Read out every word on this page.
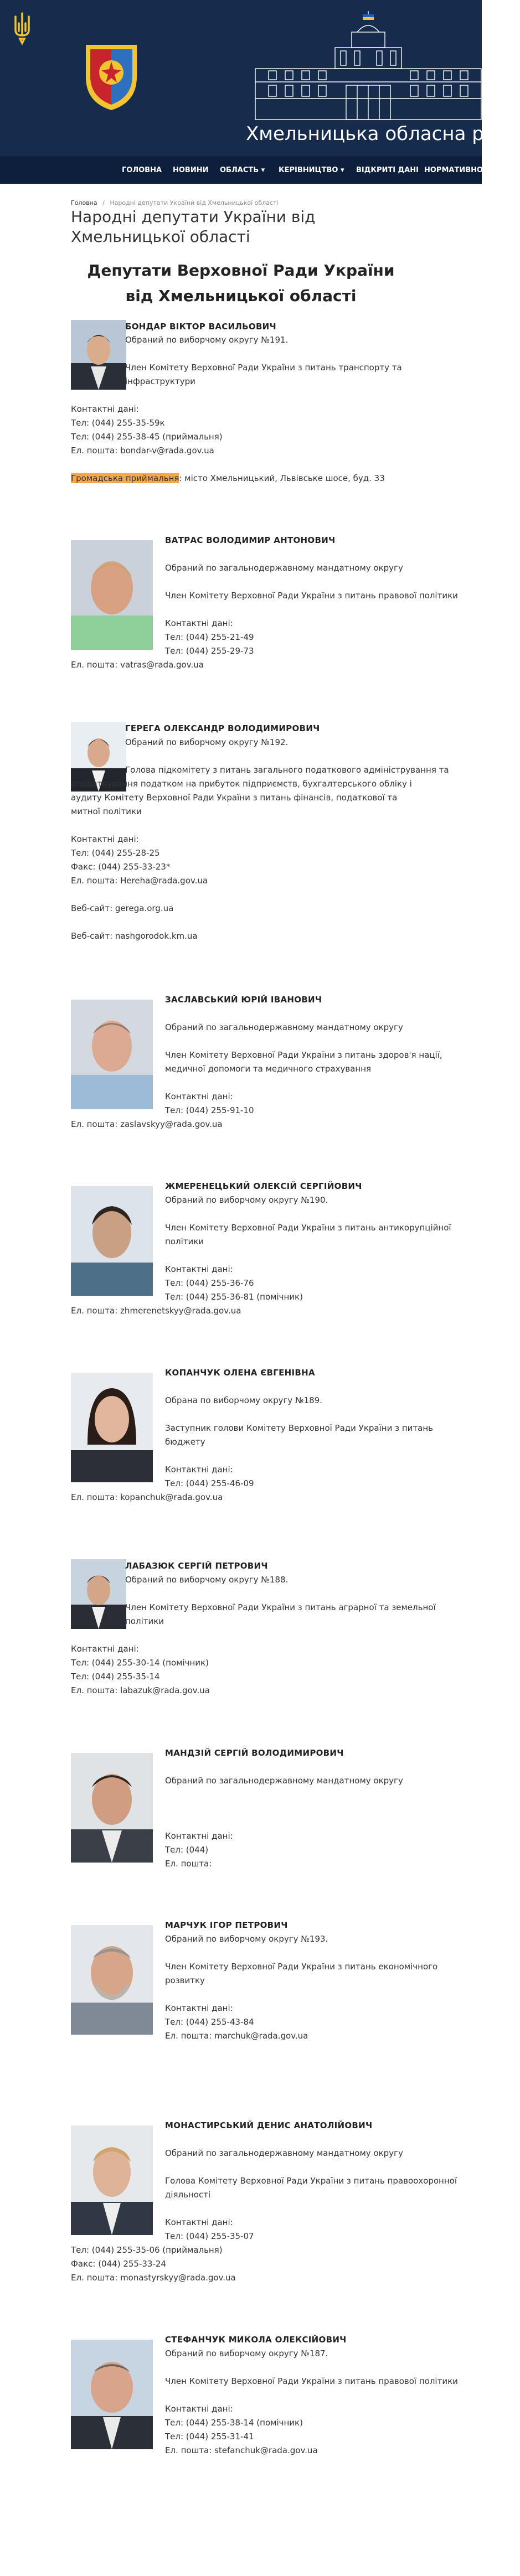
Хмельницька обласна рада
ГОЛОВНА НОВИНИ ОБЛАСТЬ ▾ КЕРІВНИЦТВО ▾ ВІДКРИТІ ДАНІ НОРМАТИВНО-П
Головна / Народні депутати України від Хмельницької області
Народні депутати України від Хмельницької області
Депутати Верховної Ради України від Хмельницької області
БОНДАР ВІКТОР ВАСИЛЬОВИЧ
Обраний по виборчому округу №191.
Член Комітету Верховної Ради України з питань транспорту та
інфраструктури
Контактні дані:
Тел: (044) 255-35-59к
Тел: (044) 255-38-45 (приймальня)
Ел. пошта: bondar-v@rada.gov.ua
Громадська приймальня: місто Хмельницький, Львівське шосе, буд. 33
ВАТРАС ВОЛОДИМИР АНТОНОВИЧ
Обраний по загальнодержавному мандатному округу
Член Комітету Верховної Ради України з питань правової політики
Контактні дані:
Тел: (044) 255-21-49
Тел: (044) 255-29-73
Ел. пошта: vatras@rada.gov.ua
ГЕРЕГА ОЛЕКСАНДР ВОЛОДИМИРОВИЧ
Обраний по виборчому округу №192.
Голова підкомітету з питань загального податкового адміністрування та
оподаткування податком на прибуток підприємств, бухгалтерського обліку і
аудиту Комітету Верховної Ради України з питань фінансів, податкової та
митної політики
Контактні дані:
Тел: (044) 255-28-25
Факс: (044) 255-33-23*
Ел. пошта: Herehа@rada.gov.ua
Веб-сайт: gerega.org.ua
Веб-сайт: nashgorodok.km.ua
ЗАСЛАВСЬКИЙ ЮРІЙ ІВАНОВИЧ
Обраний по загальнодержавному мандатному округу
Член Комітету Верховної Ради України з питань здоров'я нації,
медичної допомоги та медичного страхування
Контактні дані:
Тел: (044) 255-91-10
Ел. пошта: zaslavskyy@rada.gov.ua
ЖМЕРЕНЕЦЬКИЙ ОЛЕКСІЙ СЕРГІЙОВИЧ
Обраний по виборчому округу №190.
Член Комітету Верховної Ради України з питань антикорупційної
політики
Контактні дані:
Тел: (044) 255-36-76
Тел: (044) 255-36-81 (помічник)
Ел. пошта: zhmerenetskyy@rada.gov.ua
КОПАНЧУК ОЛЕНА ЄВГЕНІВНА
Обрана по виборчому округу №189.
Заступник голови Комітету Верховної Ради України з питань
бюджету
Контактні дані:
Тел: (044) 255-46-09
Ел. пошта: kopanchuk@rada.gov.ua
ЛАБАЗЮК СЕРГІЙ ПЕТРОВИЧ
Обраний по виборчому округу №188.
Член Комітету Верховної Ради України з питань аграрної та земельної
політики
Контактні дані:
Тел: (044) 255-30-14 (помічник)
Тел: (044) 255-35-14
Ел. пошта: labazuk@rada.gov.ua
МАНДЗІЙ СЕРГІЙ ВОЛОДИМИРОВИЧ
Обраний по загальнодержавному мандатному округу
Контактні дані:
Тел: (044)
Ел. пошта:
МАРЧУК ІГОР ПЕТРОВИЧ
Обраний по виборчому округу №193.
Член Комітету Верховної Ради України з питань економічного
розвитку
Контактні дані:
Тел: (044) 255-43-84
Ел. пошта: marchuk@rada.gov.ua
МОНАСТИРСЬКИЙ ДЕНИС АНАТОЛІЙОВИЧ
Обраний по загальнодержавному мандатному округу
Голова Комітету Верховної Ради України з питань правоохоронної
діяльності
Контактні дані:
Тел: (044) 255-35-07
Тел: (044) 255-35-06 (приймальня)
Факс: (044) 255-33-24
Ел. пошта: monastyrskyy@rada.gov.ua
СТЕФАНЧУК МИКОЛА ОЛЕКСІЙОВИЧ
Обраний по виборчому округу №187.
Член Комітету Верховної Ради України з питань правової політики
Контактні дані:
Тел: (044) 255-38-14 (помічник)
Тел: (044) 255-31-41
Ел. пошта: stefanchuk@rada.gov.ua
